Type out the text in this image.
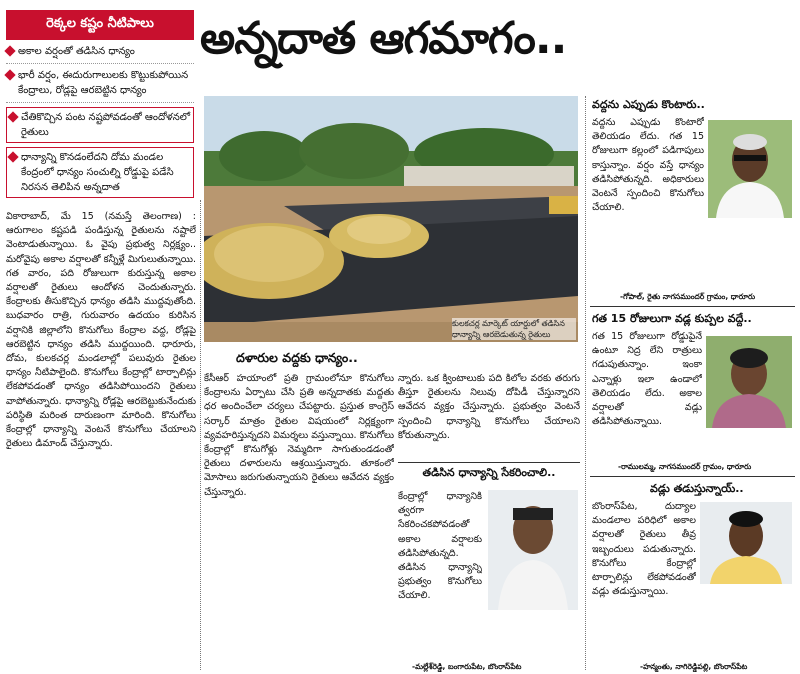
రెక్కల కష్టం నీటిపాలు	అన్నదాత ఆగమాగం..
అకాల వర్షంతో తడిసిన ధాన్యం
భారీ వర్షం, ఈదురుగాలులకు కొట్టుకుపోయిన కేంద్రాలు, రోడ్లపై ఆరబెట్టిన ధాన్యం
చేతికొచ్చిన పంట నష్టపోవడంతో ఆందోళనలో రైతులు
ధాన్యాన్ని కొనడంలేదని దోమ మండల కేంద్రంలో ధాన్యం సంచుల్ని రోడ్డుపై పడేసి నిరసన తెలిపిన అన్నదాత
వికారాబాద్, మే 15 (నమస్తే తెలంగాణ) : ఆరుగాలం కష్టపడి పండిస్తున్న రైతులను నష్టాలే వెంటాడుతున్నాయి. ఓ వైపు ప్రభుత్వ నిర్లక్ష్యం.. మరోవైపు అకాల వర్షాలతో కన్నీళ్లే మిగులుతున్నాయి. గత వారం, పది రోజులుగా కురుస్తున్న అకాల వర్షాలతో రైతులు ఆందోళన చెందుతున్నారు. కేంద్రాలకు తీసుకొచ్చిన ధాన్యం తడిసి ముద్దవుతోంది. బుధవారం రాత్రి, గురువారం ఉదయం కురిసిన వర్షానికి జిల్లాలోని కొనుగోలు కేంద్రాల వద్ద, రోడ్లపై ఆరబెట్టిన ధాన్యం తడిసి ముద్దయింది. ధారూరు, దోమ, కులకచర్ల మండలాల్లో పలువురు రైతుల ధాన్యం నీటిపాలైంది. కొనుగోలు కేంద్రాల్లో టార్పాలిన్లు లేకపోవడంతో ధాన్యం తడిసిపోయిందని రైతులు వాపోతున్నారు. ధాన్యాన్ని రోడ్లపై ఆరబెట్టుకునేందుకు పరిస్థితి మరింత దారుణంగా మారింది. కొనుగోలు కేంద్రాల్లో ధాన్యాన్ని వెంటనే కొనుగోలు చేయాలని రైతులు డిమాండ్ చేస్తున్నారు.
కులకచర్ల మార్కెట్ యార్డులో తడిసిన ధాన్యాన్ని ఆరబెడుతున్న రైతులు
దళారుల వద్దకు ధాన్యం..
కేసీఆర్ హయాంలో ప్రతి గ్రామంలోనూ కొనుగోలు కేంద్రాలను ఏర్పాటు చేసి ప్రతి అన్నదాతకు మద్దతు ధర అందించేలా చర్యలు చేపట్టారు. ప్రస్తుత కాంగ్రెస్ సర్కార్ మాత్రం రైతుల విషయంలో నిర్లక్ష్యంగా వ్యవహరిస్తున్నదని విమర్శలు వస్తున్నాయి. కొనుగోలు కేంద్రాల్లో కొనుగోళ్లు నెమ్మదిగా సాగుతుండడంతో రైతులు దళారులను ఆశ్రయిస్తున్నారు. తూకంలో మోసాలు జరుగుతున్నాయని రైతులు ఆవేదన వ్యక్తం చేస్తున్నారు.
న్నారు. ఒక క్వింటాలుకు పది కిలోల వరకు తరుగు తీస్తూ రైతులను నిలువు దోపిడీ చేస్తున్నారని ఆవేదన వ్యక్తం చేస్తున్నారు. ప్రభుత్వం వెంటనే స్పందించి ధాన్యాన్ని కొనుగోలు చేయాలని కోరుతున్నారు.
తడిసిన ధాన్యాన్ని సేకరించాలి..
కేంద్రాల్లో ధాన్యానికి త్వరగా సేకరించకపోవడంతో అకాల వర్షాలకు తడిసిపోతున్నది. తడిసిన ధాన్యాన్ని ప్రభుత్వం కొనుగోలు చేయాలి.
-మల్లేశ్‌రెడ్డి, బంగారుపేట, బొంరాస్‌పేట
వద్దను ఎప్పుడు కొంటారు..
వద్దను ఎప్పుడు కొంటారో తెలియడం లేదు. గత 15 రోజులుగా కల్లంలో పడిగాపులు కాస్తున్నాం. వర్షం వస్తే ధాన్యం తడిసిపోతున్నది. అధికారులు వెంటనే స్పందించి కొనుగోలు చేయాలి.
-గోపాల్, రైతు నాగసముందర్ గ్రామం, ధారూరు
గత 15 రోజులుగా వడ్ల కుప్పల వద్దే..
గత 15 రోజులుగా రోడ్డుపైనే ఉంటూ నిద్ర లేని రాత్రులు గడుపుతున్నాం. ఇంకా ఎన్నాళ్లు ఇలా ఉండాలో తెలియడం లేదు. అకాల వర్షాలతో వడ్లు తడిసిపోతున్నాయి.
-రాములమ్మ, నాగసముందర్ గ్రామం, ధారూరు
వడ్లు తడుస్తున్నాయ్..
బొంరాస్‌పేట, దుద్యాల మండలాల పరిధిలో అకాల వర్షాలతో రైతులు తీవ్ర ఇబ్బందులు పడుతున్నారు. కొనుగోలు కేంద్రాల్లో టార్పాలిన్లు లేకపోవడంతో వడ్లు తడుస్తున్నాయి.
-హన్మంతు, నాగిరెడ్డిపల్లి, బొంరాస్‌పేట
